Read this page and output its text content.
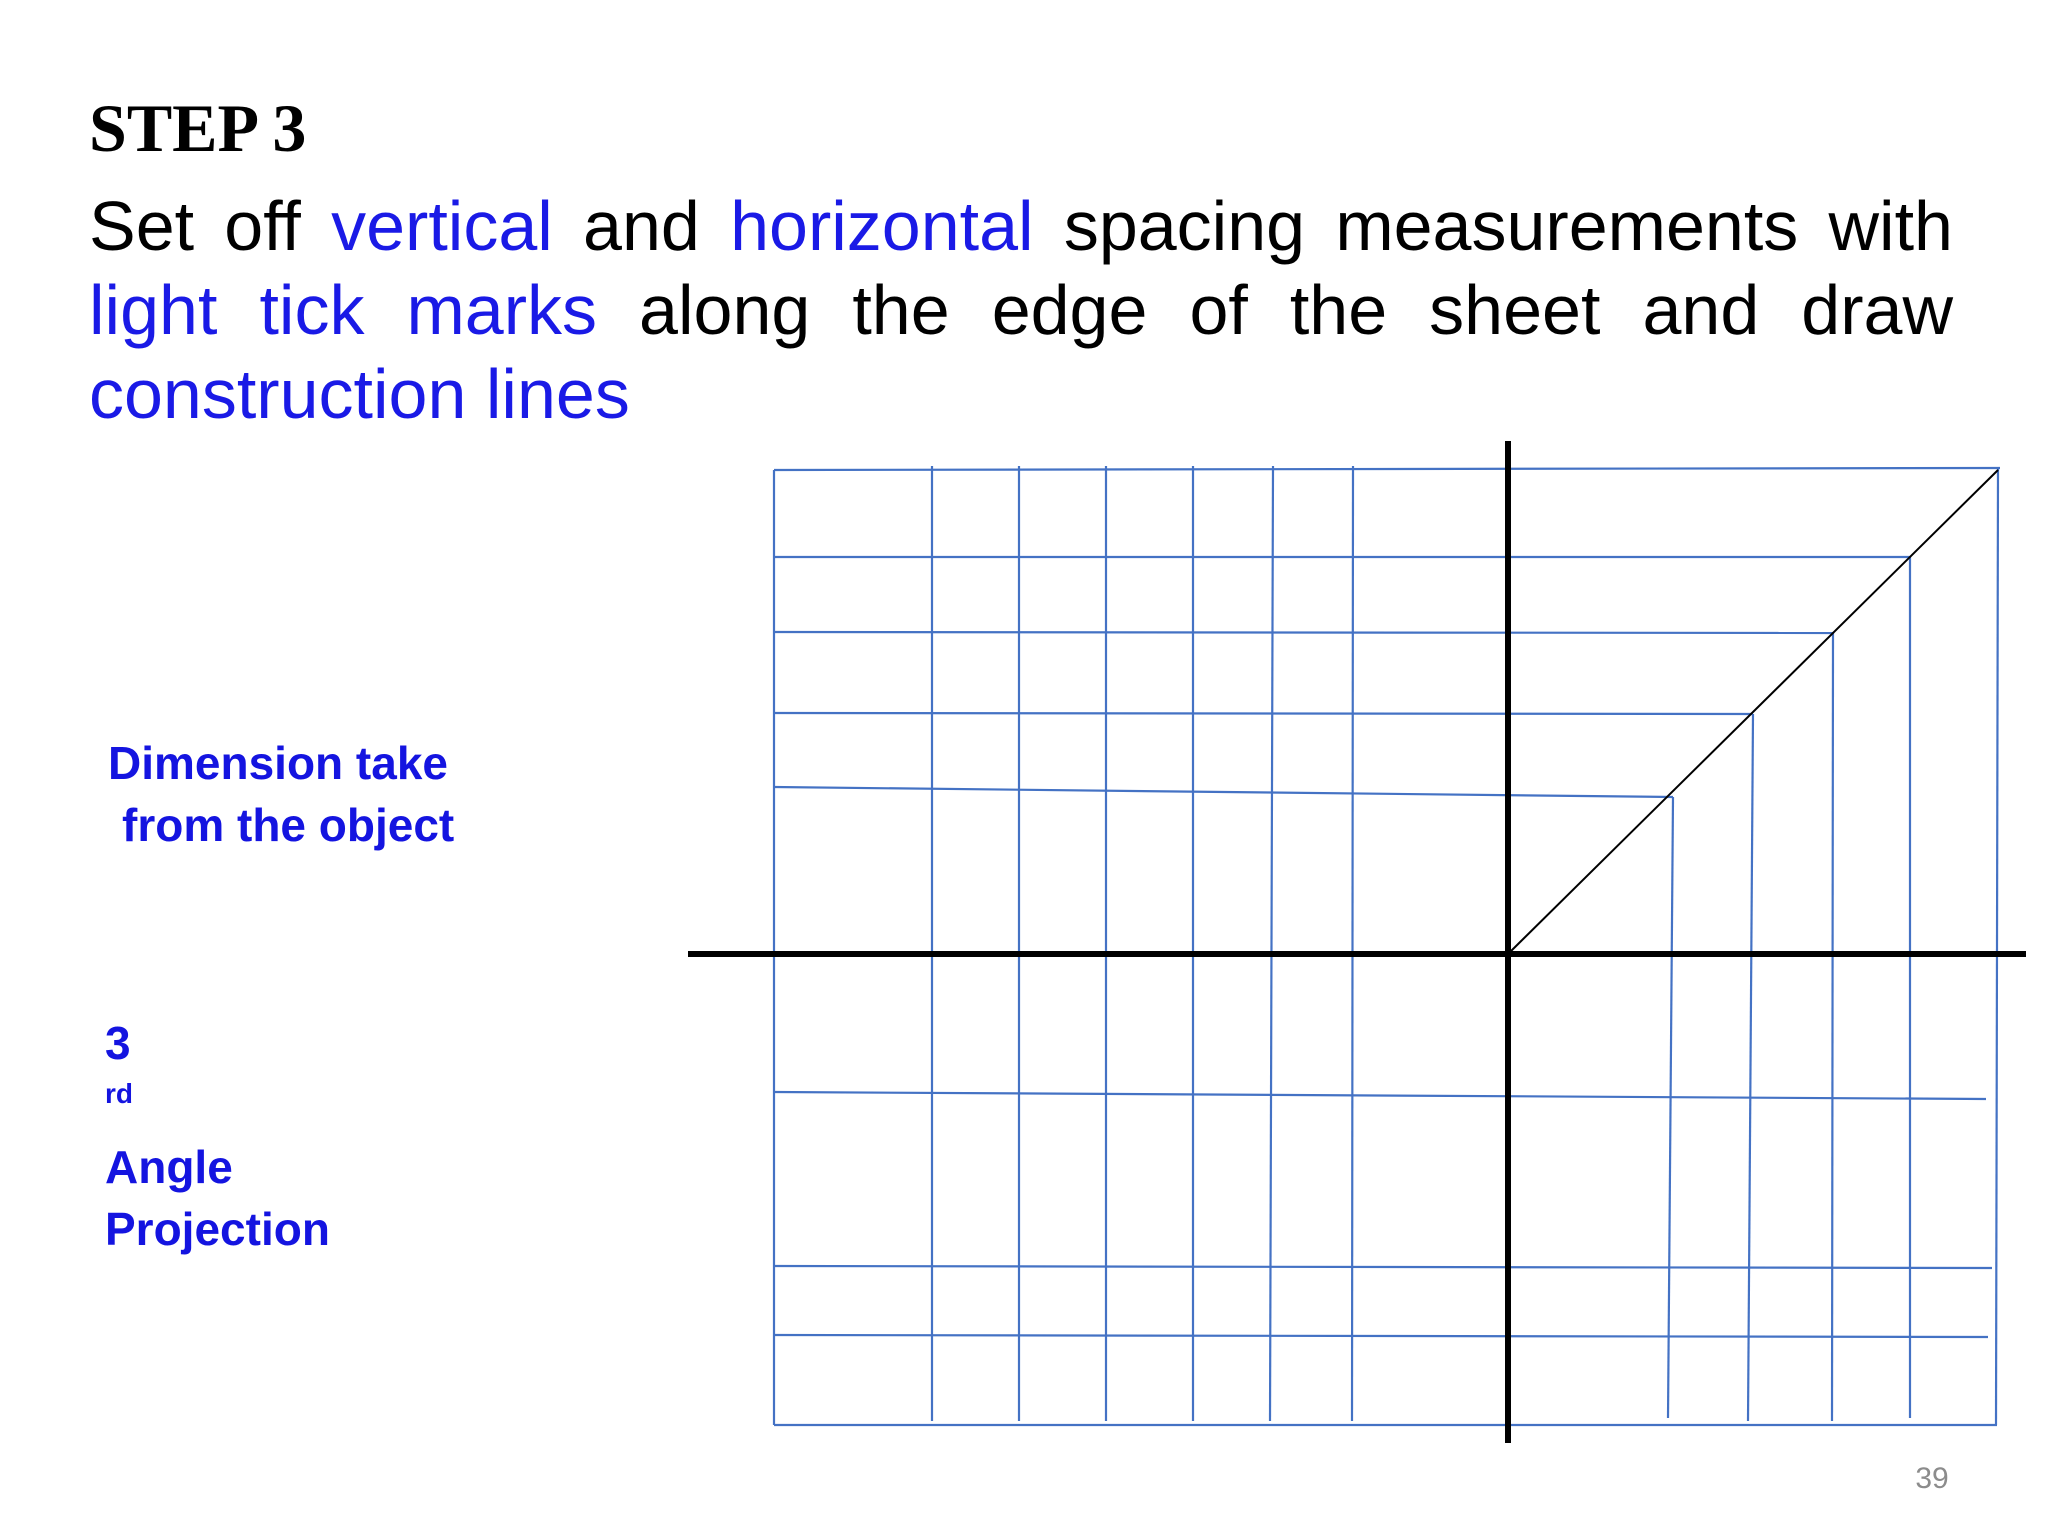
STEP 3

Set off vertical and horizontal spacing measurements with light tick marks along the edge of the sheet and draw construction lines

Dimension take
from the object

3
$^{rd}$
Angle
Projection

39
